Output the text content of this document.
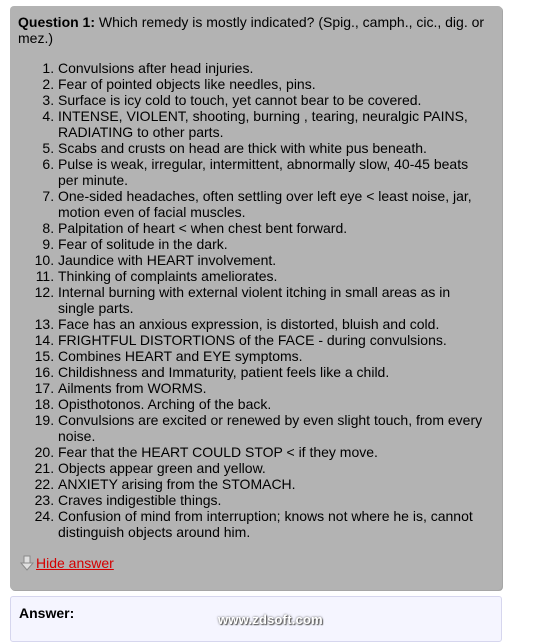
Question 1: Which remedy is mostly indicated? (Spig., camph., cic., dig. or mez.)

1. Convulsions after head injuries.
2. Fear of pointed objects like needles, pins.
3. Surface is icy cold to touch, yet cannot bear to be covered.
4. INTENSE, VIOLENT, shooting, burning , tearing, neuralgic PAINS, RADIATING to other parts.
5. Scabs and crusts on head are thick with white pus beneath.
6. Pulse is weak, irregular, intermittent, abnormally slow, 40-45 beats per minute.
7. One-sided headaches, often settling over left eye < least noise, jar, motion even of facial muscles.
8. Palpitation of heart < when chest bent forward.
9. Fear of solitude in the dark.
10. Jaundice with HEART involvement.
11. Thinking of complaints ameliorates.
12. Internal burning with external violent itching in small areas as in single parts.
13. Face has an anxious expression, is distorted, bluish and cold.
14. FRIGHTFUL DISTORTIONS of the FACE - during convulsions.
15. Combines HEART and EYE symptoms.
16. Childishness and Immaturity, patient feels like a child.
17. Ailments from WORMS.
18. Opisthotonos. Arching of the back.
19. Convulsions are excited or renewed by even slight touch, from every noise.
20. Fear that the HEART COULD STOP < if they move.
21. Objects appear green and yellow.
22. ANXIETY arising from the STOMACH.
23. Craves indigestible things.
24. Confusion of mind from interruption; knows not where he is, cannot distinguish objects around him.
Hide answer
Answer:	www.zdsoft.com
